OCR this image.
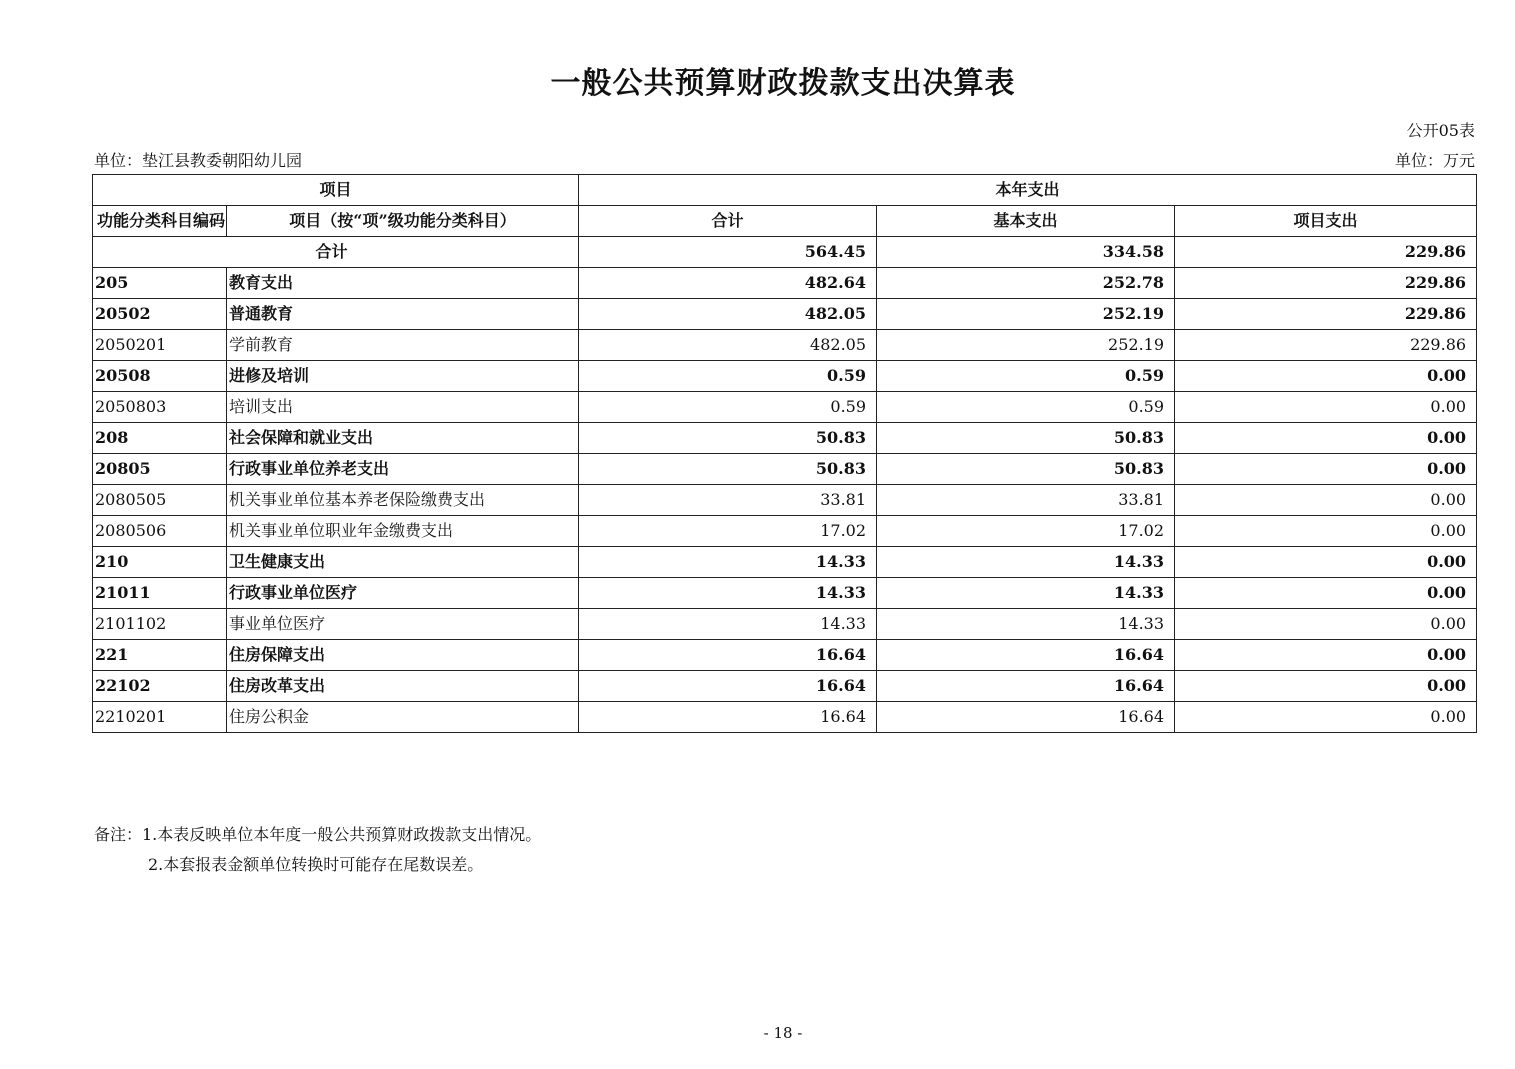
一般公共预算财政拨款支出决算表
公开05表
单位：垫江县教委朝阳幼儿园	单位：万元
项目		本年支出		
功能分类科目编码	项目（按“项”级功能分类科目）	合计	基本支出	项目支出
合计		564.45	334.58	229.86
205	教育支出	482.64	252.78	229.86
20502	普通教育	482.05	252.19	229.86
2050201	学前教育	482.05	252.19	229.86
20508	进修及培训	0.59	0.59	0.00
2050803	培训支出	0.59	0.59	0.00
208	社会保障和就业支出	50.83	50.83	0.00
20805	行政事业单位养老支出	50.83	50.83	0.00
2080505	机关事业单位基本养老保险缴费支出	33.81	33.81	0.00
2080506	机关事业单位职业年金缴费支出	17.02	17.02	0.00
210	卫生健康支出	14.33	14.33	0.00
21011	行政事业单位医疗	14.33	14.33	0.00
2101102	事业单位医疗	14.33	14.33	0.00
221	住房保障支出	16.64	16.64	0.00
22102	住房改革支出	16.64	16.64	0.00
2210201	住房公积金	16.64	16.64	0.00
备注：1.本表反映单位本年度一般公共预算财政拨款支出情况。
2.本套报表金额单位转换时可能存在尾数误差。
- 18 -
